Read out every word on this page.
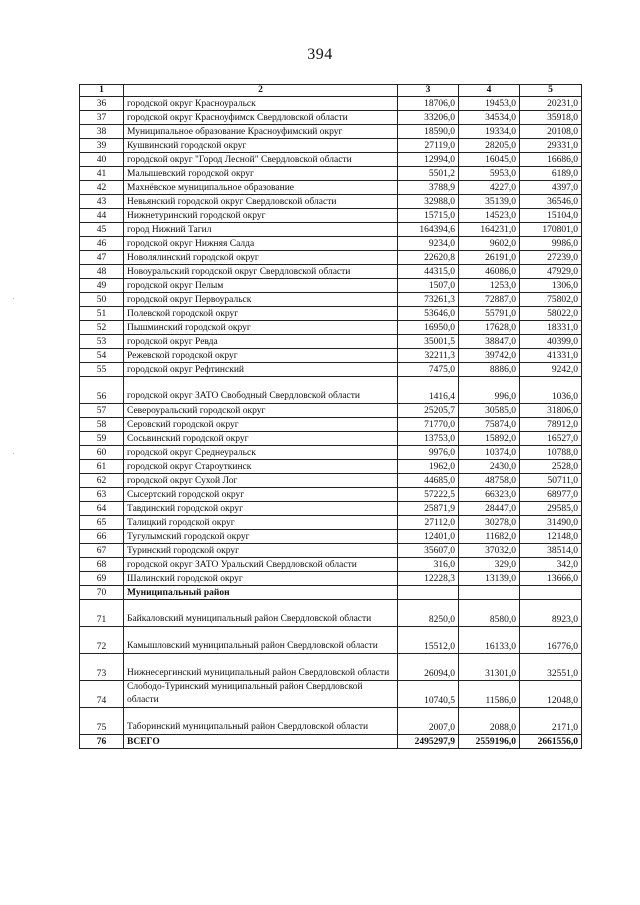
394
1	2	3	4	5
36	городской округ Красноуральск	18706,0	19453,0	20231,0
37	городской округ Красноуфимск Свердловской области	33206,0	34534,0	35918,0
38	Муниципальное образование Красноуфимский округ	18590,0	19334,0	20108,0
39	Кушвинский городской округ	27119,0	28205,0	29331,0
40	городской округ "Город Лесной" Свердловской области	12994,0	16045,0	16686,0
41	Малышевский городской округ	5501,2	5953,0	6189,0
42	Махнёвское муниципальное образование	3788,9	4227,0	4397,0
43	Невьянский городской округ Свердловской области	32988,0	35139,0	36546,0
44	Нижнетуринский городской округ	15715,0	14523,0	15104,0
45	город Нижний Тагил	164394,6	164231,0	170801,0
46	городской округ Нижняя Салда	9234,0	9602,0	9986,0
47	Новолялинский городской округ	22620,8	26191,0	27239,0
48	Новоуральский городской округ Свердловской области	44315,0	46086,0	47929,0
49	городской округ Пелым	1507,0	1253,0	1306,0
50	городской округ Первоуральск	73261,3	72887,0	75802,0
51	Полевской городской округ	53646,0	55791,0	58022,0
52	Пышминский городской округ	16950,0	17628,0	18331,0
53	городской округ Ревда	35001,5	38847,0	40399,0
54	Режевской городской округ	32211,3	39742,0	41331,0
55	городской округ Рефтинский	7475,0	8886,0	9242,0
56	городской округ ЗАТО Свободный Свердловской области	1416,4	996,0	1036,0
57	Североуральский городской округ	25205,7	30585,0	31806,0
58	Серовский городской округ	71770,0	75874,0	78912,0
59	Сосьвинский городской округ	13753,0	15892,0	16527,0
60	городской округ Среднеуральск	9976,0	10374,0	10788,0
61	городской округ Староуткинск	1962,0	2430,0	2528,0
62	городской округ Сухой Лог	44685,0	48758,0	50711,0
63	Сысертский городской округ	57222,5	66323,0	68977,0
64	Тавдинский городской округ	25871,9	28447,0	29585,0
65	Талицкий городской округ	27112,0	30278,0	31490,0
66	Тугулымский городской округ	12401,0	11682,0	12148,0
67	Туринский городской округ	35607,0	37032,0	38514,0
68	городской округ ЗАТО Уральский Свердловской области	316,0	329,0	342,0
69	Шалинский городской округ	12228,3	13139,0	13666,0
70	Муниципальный район			
71	Байкаловский муниципальный район Свердловской области	8250,0	8580,0	8923,0
72	Камышловский муниципальный район Свердловской области	15512,0	16133,0	16776,0
73	Нижнесергинский муниципальный район Свердловской области	26094,0	31301,0	32551,0
74	Слободо-Туринский муниципальный район Свердловской области	10740,5	11586,0	12048,0
75	Таборинский муниципальный район Свердловской области	2007,0	2088,0	2171,0
76	ВСЕГО	2495297,9	2559196,0	2661556,0
